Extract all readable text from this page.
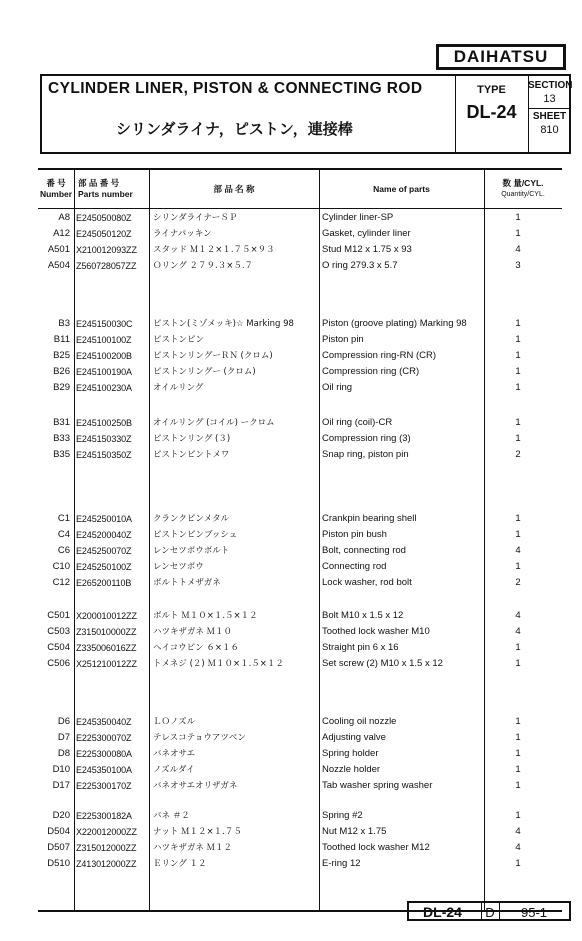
DAIHATSU
CYLINDER LINER, PISTON & CONNECTING ROD
シリンダライナ，ピストン，連接棒
TYPE
DL-24
SECTION
13
SHEET
810
番 号
Number
部 品 番 号
Parts number	部 品 名 称	Name of parts
数 量/CYL.
Quantity/CYL.
A8 E245050080Z	シリンダライナーＳＰ	Cylinder liner-SP	1
A12 E245050120Z	ライナパッキン	Gasket, cylinder liner	1
A501 X210012093ZZ スタッド Ｍ１２×１.７５×９３	Stud M12 x 1.75 x 93	4
A504 Z560728057ZZ Ｏリング ２７９.３×５.７	O ring 279.3 x 5.7	3
B3 E245150030C ピストン(ミゾメッキ)☆ Marking 98	Piston (groove plating) Marking 98	1
B11 E245100100Z	ピストンピン	Piston pin	1
B25 E245100200B ピストンリングーＲＮ (クロム)	Compression ring-RN (CR)	1
B26 E245100190A ピストンリングー (クロム)	Compression ring (CR)	1
B29 E245100230A オイルリング	Oil ring	1
B31 E245100250B オイルリング (コイル) ークロム	Oil ring (coil)-CR	1
B33 E245150330Z	ピストンリング (３)	Compression ring (3)	1
B35 E245150350Z	ピストンピントメワ	Snap ring, piston pin	2
C1 E245250010A クランクピンメタル	Crankpin bearing shell	1
C4 E245200040Z	ピストンピンブッシュ	Piston pin bush	1
C6 E245250070Z	レンセツボウボルト	Bolt, connecting rod	4
C10 E245250100Z	レンセツボウ	Connecting rod	1
C12 E265200110B	ボルトトメザガネ	Lock washer, rod bolt	2
C501 X200010012ZZ ボルト Ｍ１０×１.５×１２	Bolt M10 x 1.5 x 12	4
C503 Z315010000ZZ ハツキザガネ Ｍ１０	Toothed lock washer M10	4
C504 Z335006016ZZ ヘイコウピン ６×１６	Straight pin 6 x 16	1
C506 X251210012ZZ トメネジ (２) Ｍ１０×１.５×１２	Set screw (2) M10 x 1.5 x 12	1
D6 E245350040Z	ＬＯノズル	Cooling oil nozzle	1
D7 E225300070Z	テレスコテョウアツベン	Adjusting valve	1
D8 E225300080A バネオサエ	Spring holder	1
D10 E245350100A ノズルダイ	Nozzle holder	1
D17 E225300170Z	バネオサエオリザガネ	Tab washer spring washer	1
D20 E225300182A バネ ＃２	Spring #2	1
D504 X220012000ZZ ナット Ｍ１２×１.７５	Nut M12 x 1.75	4
D507 Z315012000ZZ ハツキザガネ Ｍ１２	Toothed lock washer M12	4
D510 Z413012000ZZ Ｅリング １２	E-ring 12	1
DL-24	D	95-1
